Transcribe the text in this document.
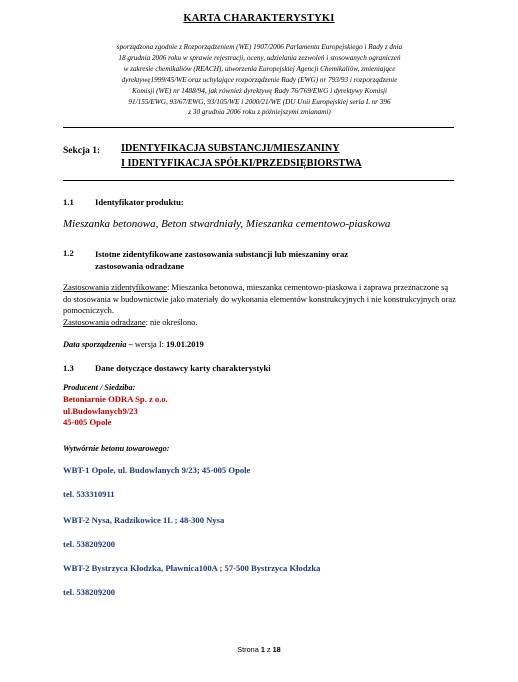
KARTA CHARAKTERYSTYKI
sporządzona zgodnie z Rozporządzeniem (WE) 1907/2006 Parlamentu Europejskiego i Rady z dnia
18 grudnia 2006 roku w sprawie rejestracji, oceny, udzielania zezwoleń i stosowanych ograniczeń
w zakresie chemikaliów (REACH), utworzenia Europejskiej Agencji Chemikaliów, zmieniające
dyrektywę1999/45/WE oraz uchylające rozporządzenie Rady (EWG) nr 793/93 i rozporządzenie
Komisji (WE) nr 1488/94, jak również dyrektywę Rady 76/769/EWG i dyrektywy Komisji
91/155/EWG, 93/67/EWG, 93/105/WE i 2000/21/WE (DU Unii Europejskiej seria L nr 396
z 30 grudnia 2006 roku z późniejszymi zmianami)
Sekcja 1: IDENTYFIKACJA SUBSTANCJI/MIESZANINY
I IDENTYFIKACJA SPÓŁKI/PRZEDSIĘBIORSTWA
1.1 Identyfikator produktu:
Mieszanka betonowa, Beton stwardniały, Mieszanka cementowo-piaskowa
1.2	Istotne zidentyfikowane zastosowania substancji lub mieszaniny oraz
zastosowania odradzane
Zastosowania zidentyfikowane: Mieszanka betonowa, mieszanka cementowo-piaskowa i zaprawa przeznaczone są do stosowania w budownictwie jako materiały do wykonania elementów konstrukcyjnych i nie konstrukcyjnych oraz pomocniczych.
Zastosowania odradzane: nie określono.
Data sporządzenia – wersja I: 19.01.2019
1.3 Dane dotyczące dostawcy karty charakterystyki
Producent / Siedziba:
Betoniarnie ODRA Sp. z o.o.
ul.Budowlanych9/23
45-005 Opole
Wytwórnie betonu towarowego:
WBT-1 Opole, ul. Budowlanych 9/23; 45-005 Opole
tel. 533310911
WBT-2 Nysa, Radzikowice 1L ; 48-300 Nysa
tel. 538209200
WBT-2 Bystrzyca Kłodzka, Pławnica100A ; 57-500 Bystrzyca Kłodzka
tel. 538209200
Strona 1 z 18
